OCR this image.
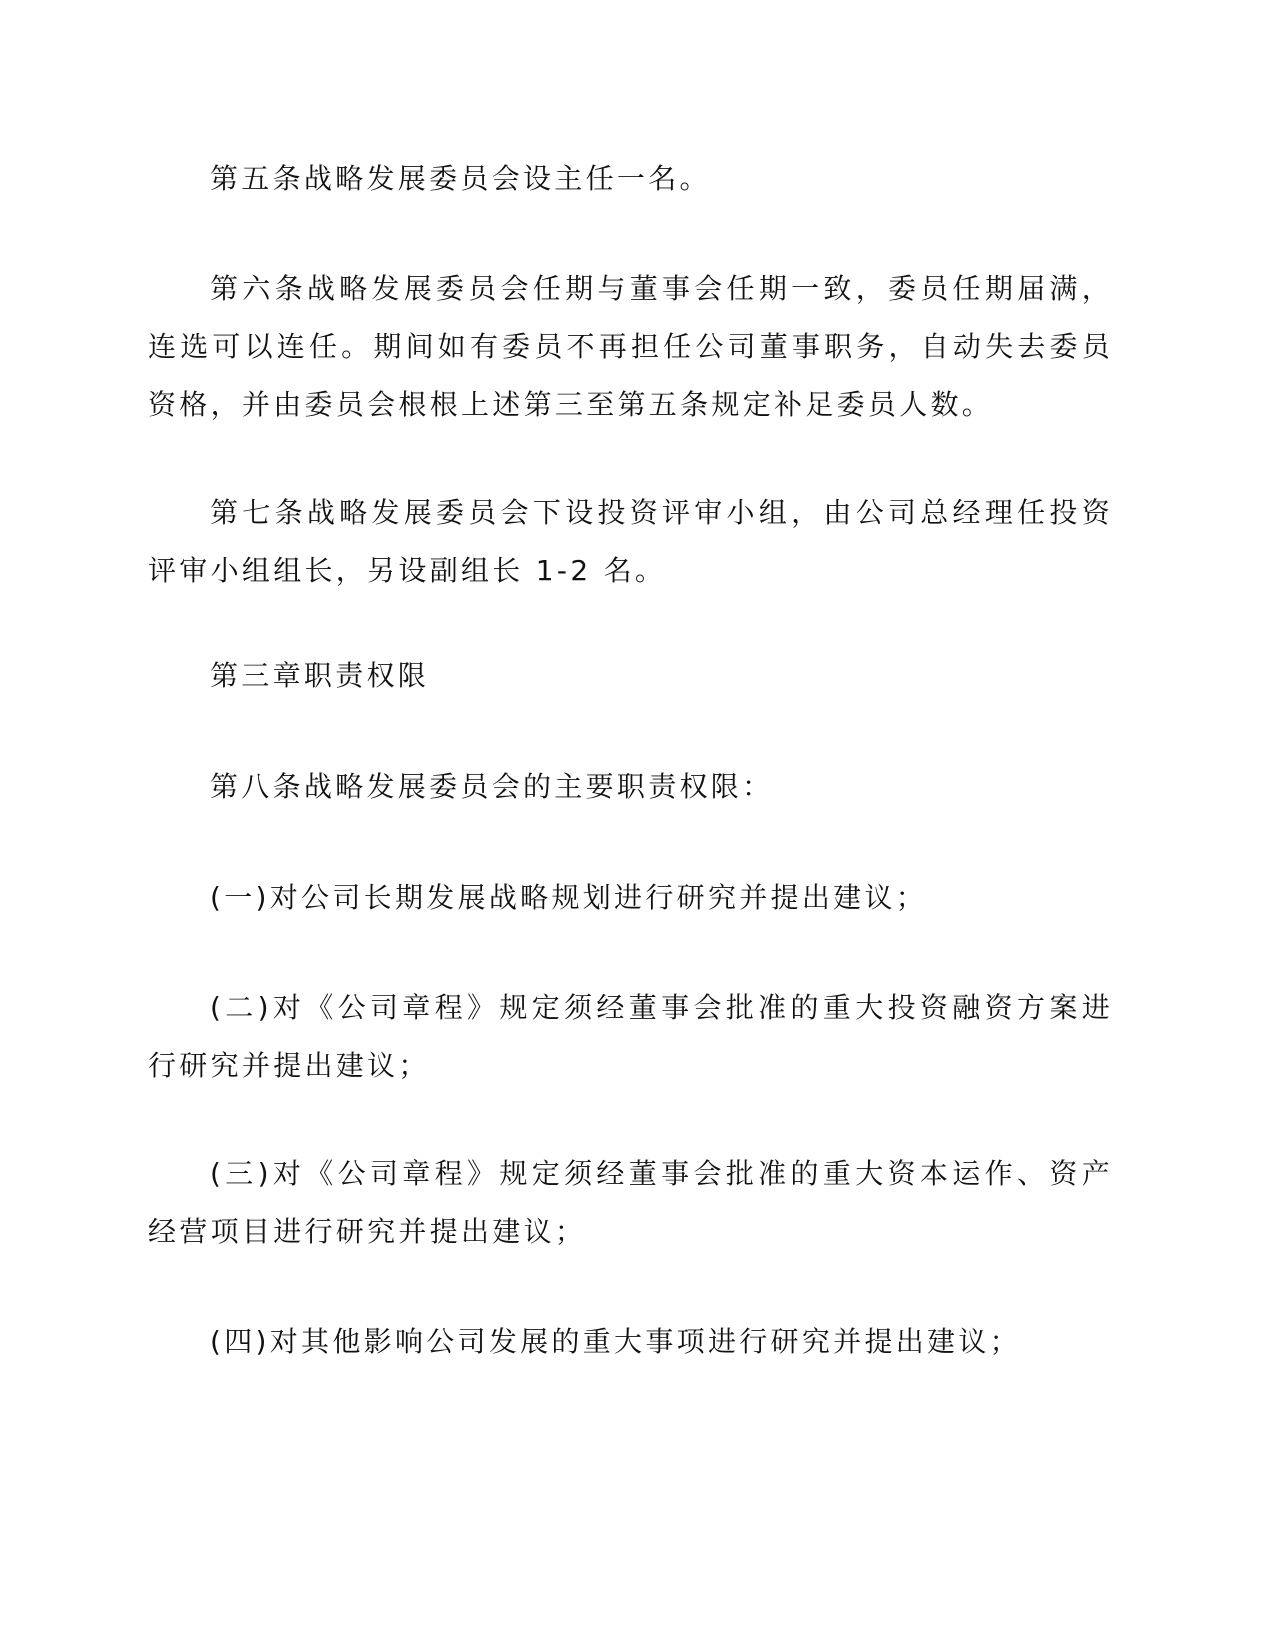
第五条战略发展委员会设主任一名。

第六条战略发展委员会任期与董事会任期一致，委员任期届满，连选可以连任。期间如有委员不再担任公司董事职务，自动失去委员资格，并由委员会根根上述第三至第五条规定补足委员人数。

第七条战略发展委员会下设投资评审小组，由公司总经理任投资评审小组组长，另设副组长 1-2 名。

第三章职责权限

第八条战略发展委员会的主要职责权限：

(一)对公司长期发展战略规划进行研究并提出建议；

(二)对《公司章程》规定须经董事会批准的重大投资融资方案进行研究并提出建议；

(三)对《公司章程》规定须经董事会批准的重大资本运作、资产经营项目进行研究并提出建议；

(四)对其他影响公司发展的重大事项进行研究并提出建议；
